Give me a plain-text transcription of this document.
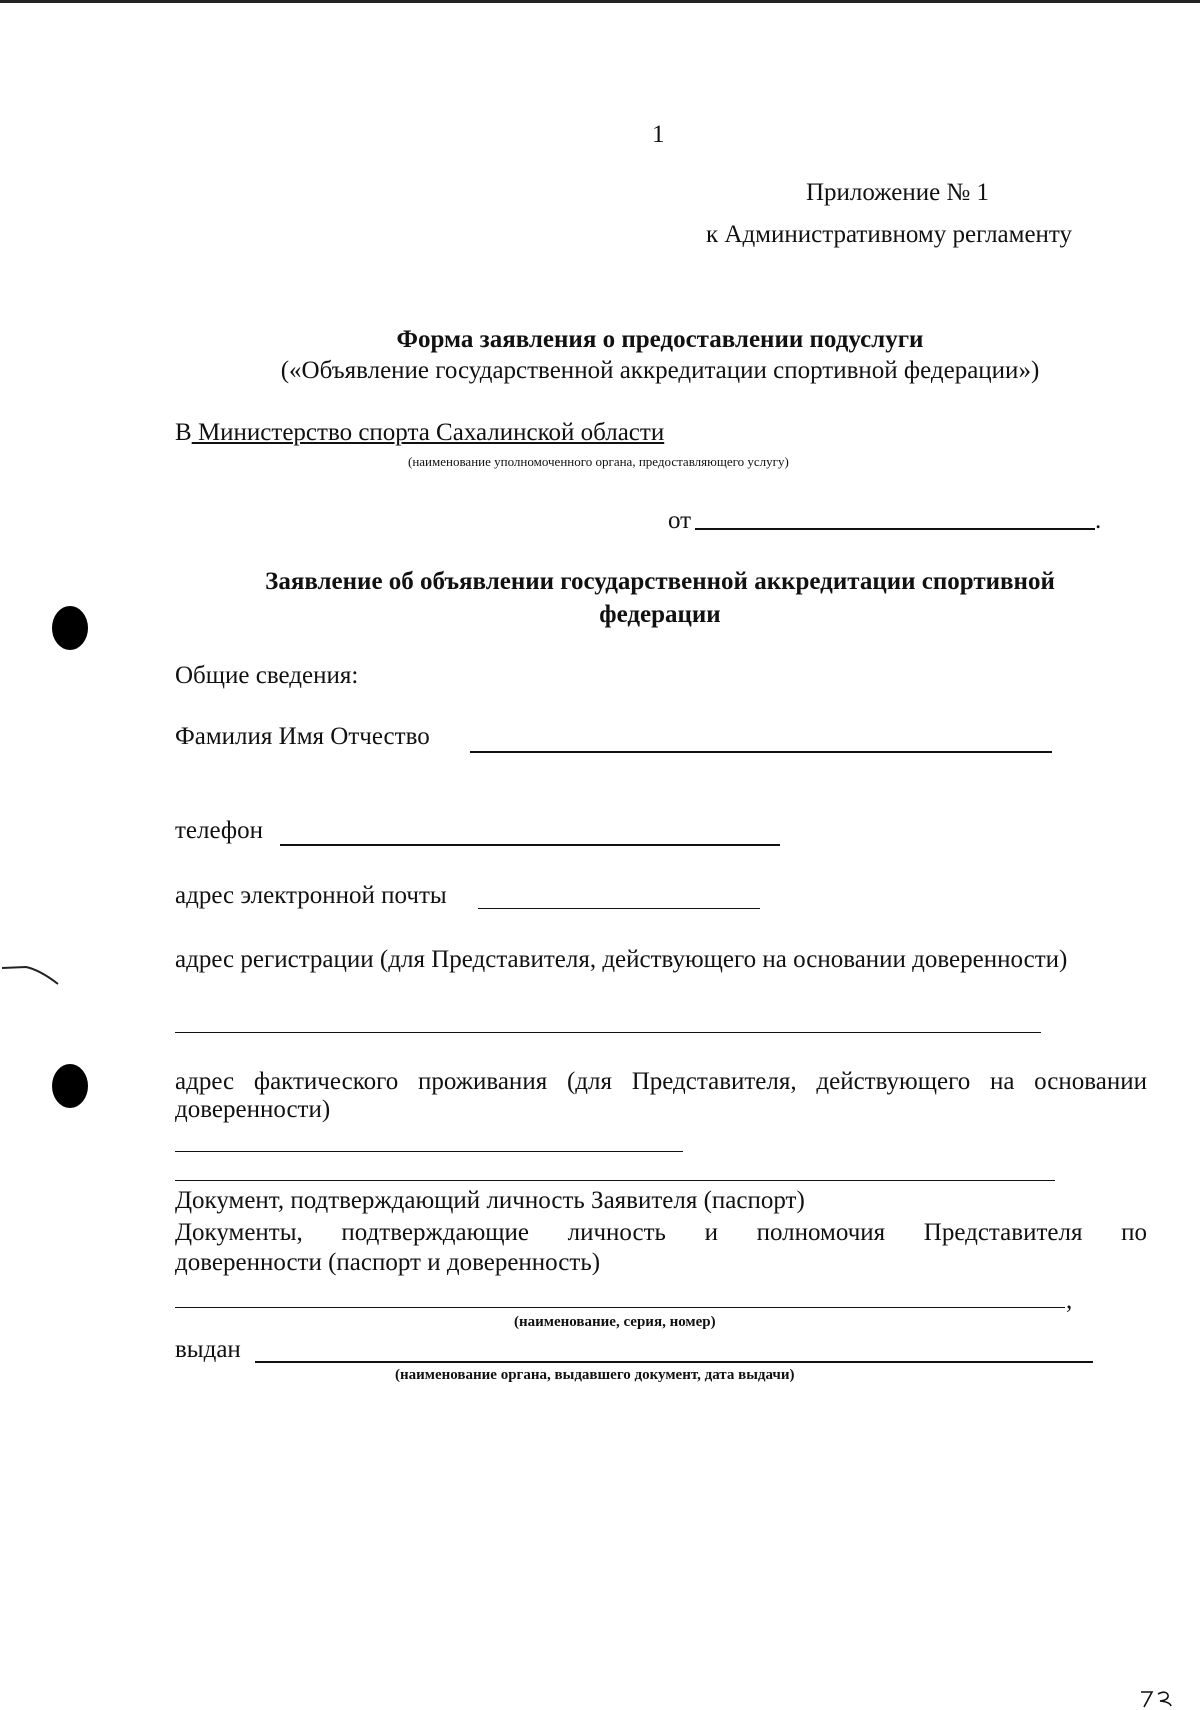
1
Приложение № 1
к Административному регламенту
Форма заявления о предоставлении подуслуги
(«Объявление государственной аккредитации спортивной федерации»)
В Министерство спорта Сахалинской области
(наименование уполномоченного органа, предоставляющего услугу)
от	.
Заявление об объявлении государственной аккредитации спортивной
федерации
Общие сведения:
Фамилия Имя Отчество
телефон
адрес электронной почты
адрес регистрации (для Представителя, действующего на основании доверенности)
адрес фактического проживания (для Представителя, действующего на основании
доверенности)
Документ, подтверждающий личность Заявителя (паспорт)
Документы, подтверждающие личность и полномочия Представителя по
доверенности (паспорт и доверенность)
,
(наименование, серия, номер)
выдан
(наименование органа, выдавшего документ, дата выдачи)
